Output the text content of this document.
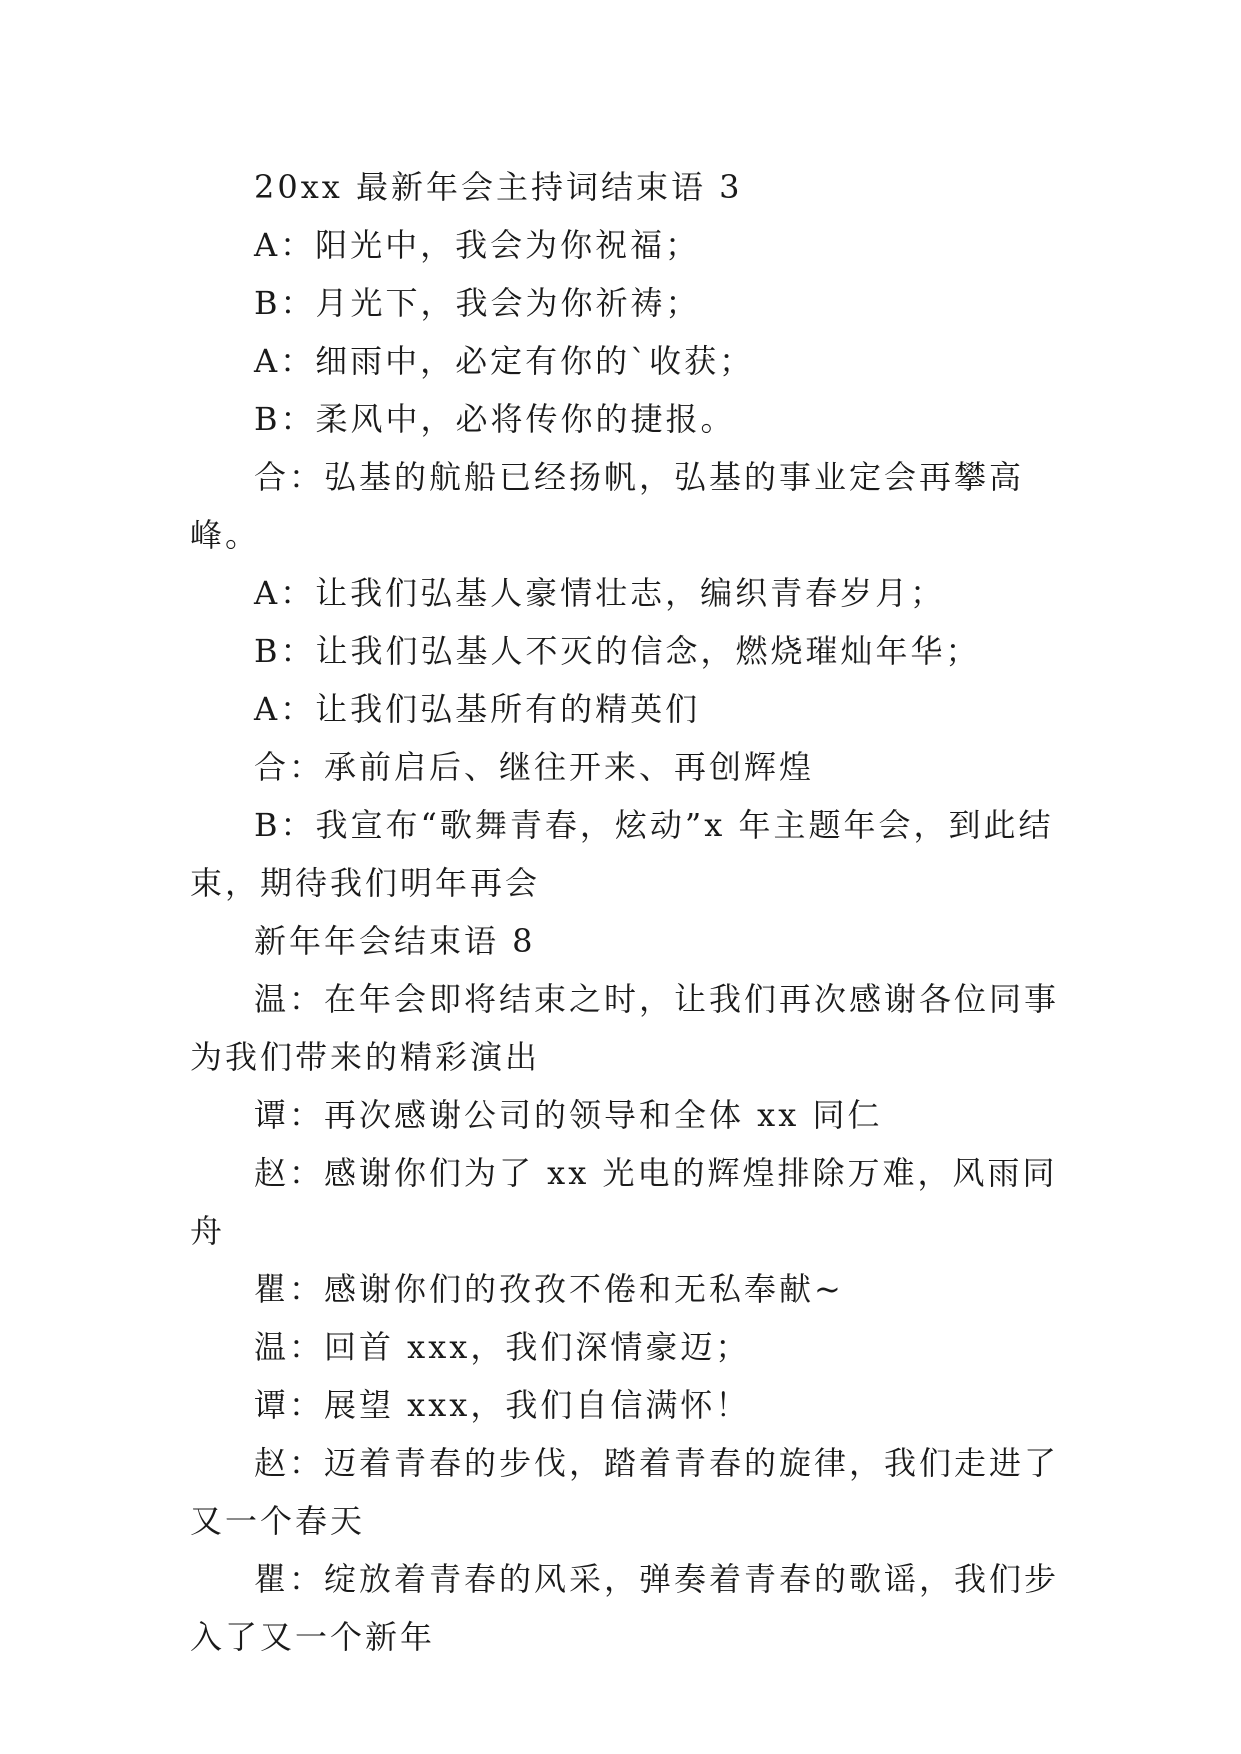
20xx 最新年会主持词结束语 3

A：阳光中，我会为你祝福；

B：月光下，我会为你祈祷；

A：细雨中，必定有你的`收获；

B：柔风中，必将传你的捷报。

合：弘基的航船已经扬帆，弘基的事业定会再攀高峰。

A：让我们弘基人豪情壮志，编织青春岁月；

B：让我们弘基人不灭的信念，燃烧璀灿年华；

A：让我们弘基所有的精英们

合：承前启后、继往开来、再创辉煌

B：我宣布“歌舞青春，炫动”x 年主题年会，到此结束，期待我们明年再会

新年年会结束语 8

温：在年会即将结束之时，让我们再次感谢各位同事为我们带来的精彩演出

谭：再次感谢公司的领导和全体 xx 同仁

赵：感谢你们为了 xx 光电的辉煌排除万难，风雨同舟

瞿：感谢你们的孜孜不倦和无私奉献~

温：回首 xxx，我们深情豪迈；

谭：展望 xxx，我们自信满怀！

赵：迈着青春的步伐，踏着青春的旋律，我们走进了又一个春天

瞿：绽放着青春的风采，弹奏着青春的歌谣，我们步入了又一个新年
